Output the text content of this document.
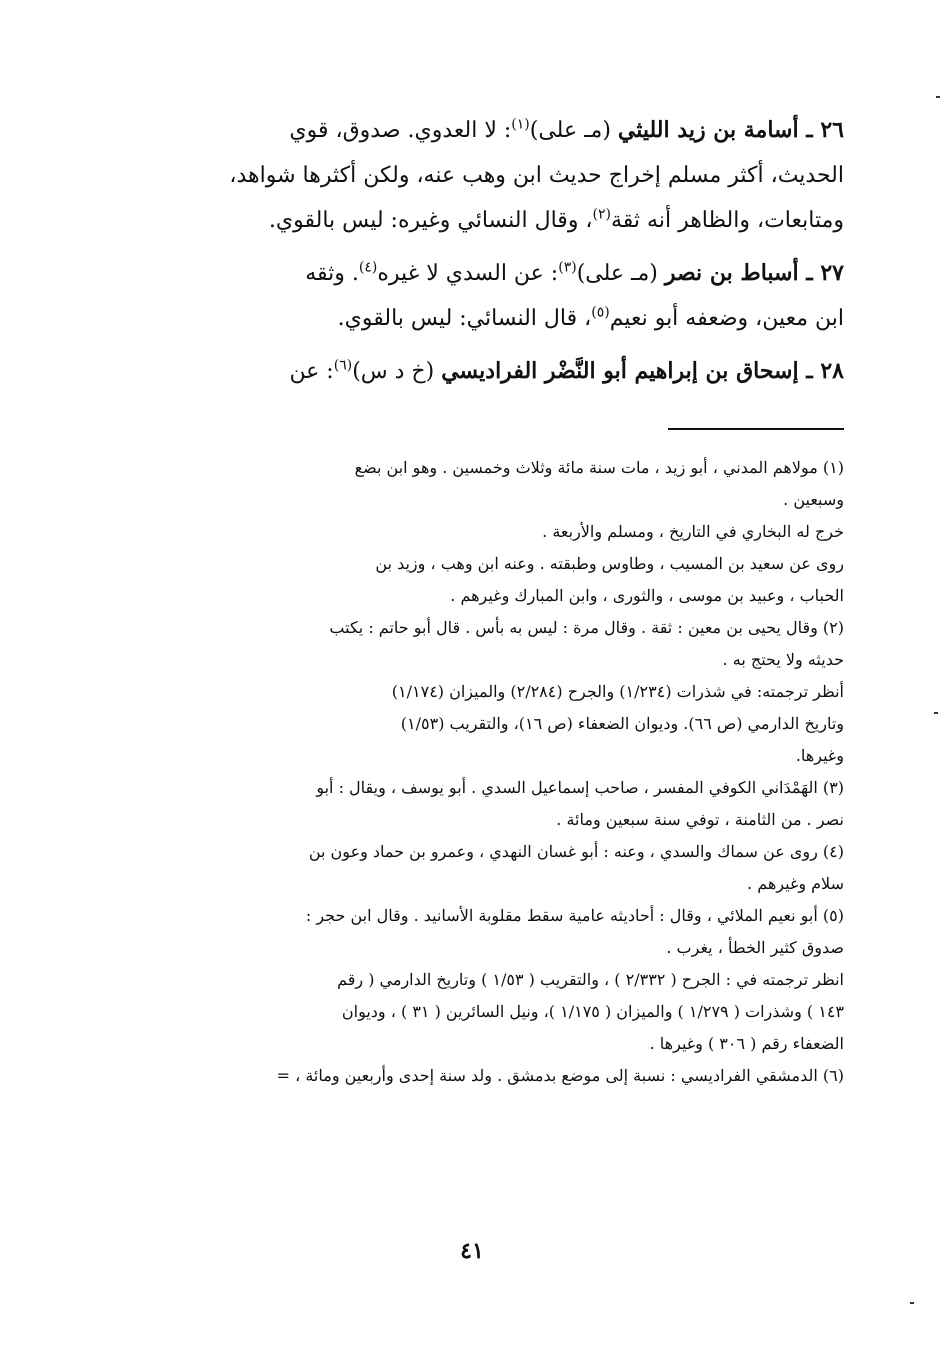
٢٦ ـ أسامة بن زيد الليثي (مـ على)$^{(١)}$: لا العدوي. صدوق، قوي
الحديث، أكثر مسلم إخراج حديث ابن وهب عنه، ولكن أكثرها شواهد،
ومتابعات، والظاهر أنه ثقة$^{(٢)}$، وقال النسائي وغيره: ليس بالقوي.

٢٧ ـ أسباط بن نصر (مـ على)$^{(٣)}$: عن السدي لا غيره$^{(٤)}$. وثقه
ابن معين، وضعفه أبو نعيم$^{(٥)}$، قال النسائي: ليس بالقوي.

٢٨ ـ إسحاق بن إبراهيم أبو النَّضْر الفراديسي (خ د س)$^{(٦)}$: عن

(١) مولاهم المدني ، أبو زيد ، مات سنة مائة وثلاث وخمسين . وهو ابن بضع
وسبعين .
خرج له البخاري في التاريخ ، ومسلم والأربعة .
روى عن سعيد بن المسيب ، وطاوس وطبقته . وعنه ابن وهب ، وزيد بن
الحباب ، وعبيد بن موسى ، والثورى ، وابن المبارك وغيرهم .

(٢) وقال يحيى بن معين : ثقة . وقال مرة : ليس به بأس . قال أبو حاتم : يكتب
حديثه ولا يحتج به .
أنظر ترجمته: في شذرات (١/٢٣٤) والجرح (٢/٢٨٤) والميزان (١/١٧٤)
وتاريخ الدارمي (ص ٦٦). وديوان الضعفاء (ص ١٦)، والتقريب (١/٥٣)
وغيرها.

(٣) الهَمْدَاني الكوفي المفسر ، صاحب إسماعيل السدي . أبو يوسف ، ويقال : أبو
نصر . من الثامنة ، توفي سنة سبعين ومائة .

(٤) روى عن سماك والسدي ، وعنه : أبو غسان النهدي ، وعمرو بن حماد وعون بن
سلام وغيرهم .

(٥) أبو نعيم الملائي ، وقال : أحاديثه عامية سقط مقلوبة الأسانيد . وقال ابن حجر :
صدوق كثير الخطأ ، يغرب .
انظر ترجمته في : الجرح ( ٢/٣٣٢ ) ، والتقريب ( ١/٥٣ ) وتاريخ الدارمي ( رقم
١٤٣ ) وشذرات ( ١/٢٧٩ ) والميزان ( ١/١٧٥ )، ونيل السائرين ( ٣١ ) ، وديوان
الضعفاء رقم ( ٣٠٦ ) وغيرها .

(٦) الدمشقي الفراديسي : نسبة إلى موضع بدمشق . ولد سنة إحدى وأربعين ومائة ، =

٤١
